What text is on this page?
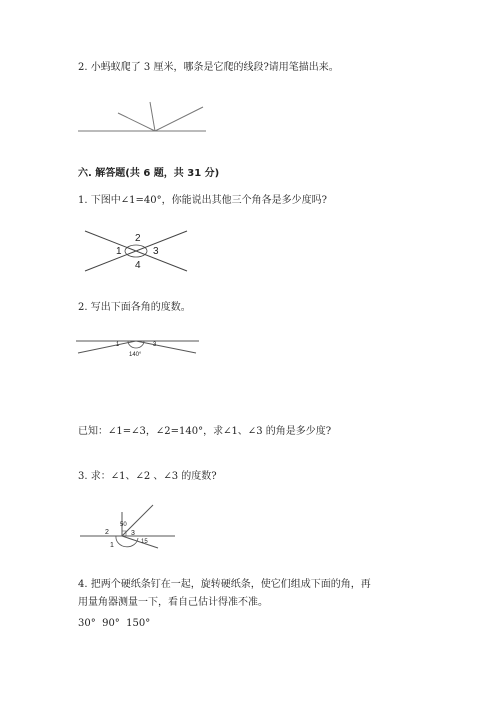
2. 小蚂蚁爬了 3 厘米，哪条是它爬的线段?请用笔描出来。
六. 解答题(共 6 题，共 31 分)
1. 下图中∠1=40°，你能说出其他三个角各是多少度吗?
1
2
3
4
2. 写出下面各角的度数。
1	3
140°
已知：∠1=∠3，∠2=140°，求∠1、∠3 的角是多少度?
3. 求：∠1、∠2 、∠3 的度数?
2
50
3
15
1
4. 把两个硬纸条钉在一起，旋转硬纸条，使它们组成下面的角，再用量角器测量一下，看自己估计得准不准。
30°  90°  150°
